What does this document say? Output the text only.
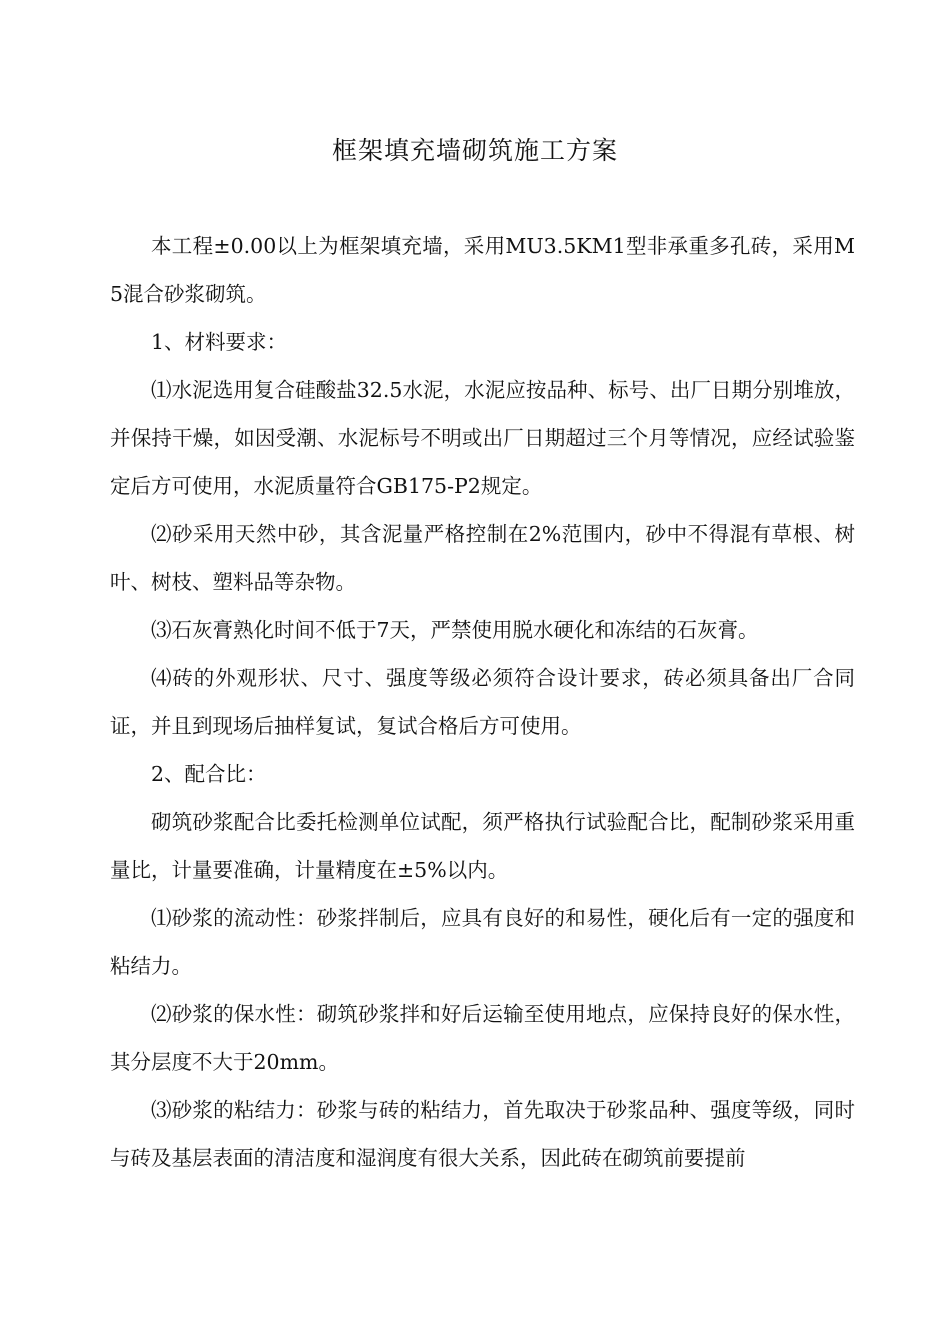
框架填充墙砌筑施工方案

本工程±0.00以上为框架填充墙，采用MU3.5KM1型非承重多孔砖，采用M5混合砂浆砌筑。

1、材料要求：

⑴水泥选用复合硅酸盐32.5水泥，水泥应按品种、标号、出厂日期分别堆放，并保持干燥，如因受潮、水泥标号不明或出厂日期超过三个月等情况，应经试验鉴定后方可使用，水泥质量符合GB175-P2规定。

⑵砂采用天然中砂，其含泥量严格控制在2%范围内，砂中不得混有草根、树叶、树枝、塑料品等杂物。

⑶石灰膏熟化时间不低于7天，严禁使用脱水硬化和冻结的石灰膏。

⑷砖的外观形状、尺寸、强度等级必须符合设计要求，砖必须具备出厂合同证，并且到现场后抽样复试，复试合格后方可使用。

2、配合比：

砌筑砂浆配合比委托检测单位试配，须严格执行试验配合比，配制砂浆采用重量比，计量要准确，计量精度在±5%以内。

⑴砂浆的流动性：砂浆拌制后，应具有良好的和易性，硬化后有一定的强度和粘结力。

⑵砂浆的保水性：砌筑砂浆拌和好后运输至使用地点，应保持良好的保水性，其分层度不大于20mm。

⑶砂浆的粘结力：砂浆与砖的粘结力，首先取决于砂浆品种、强度等级，同时与砖及基层表面的清洁度和湿润度有很大关系，因此砖在砌筑前要提前
